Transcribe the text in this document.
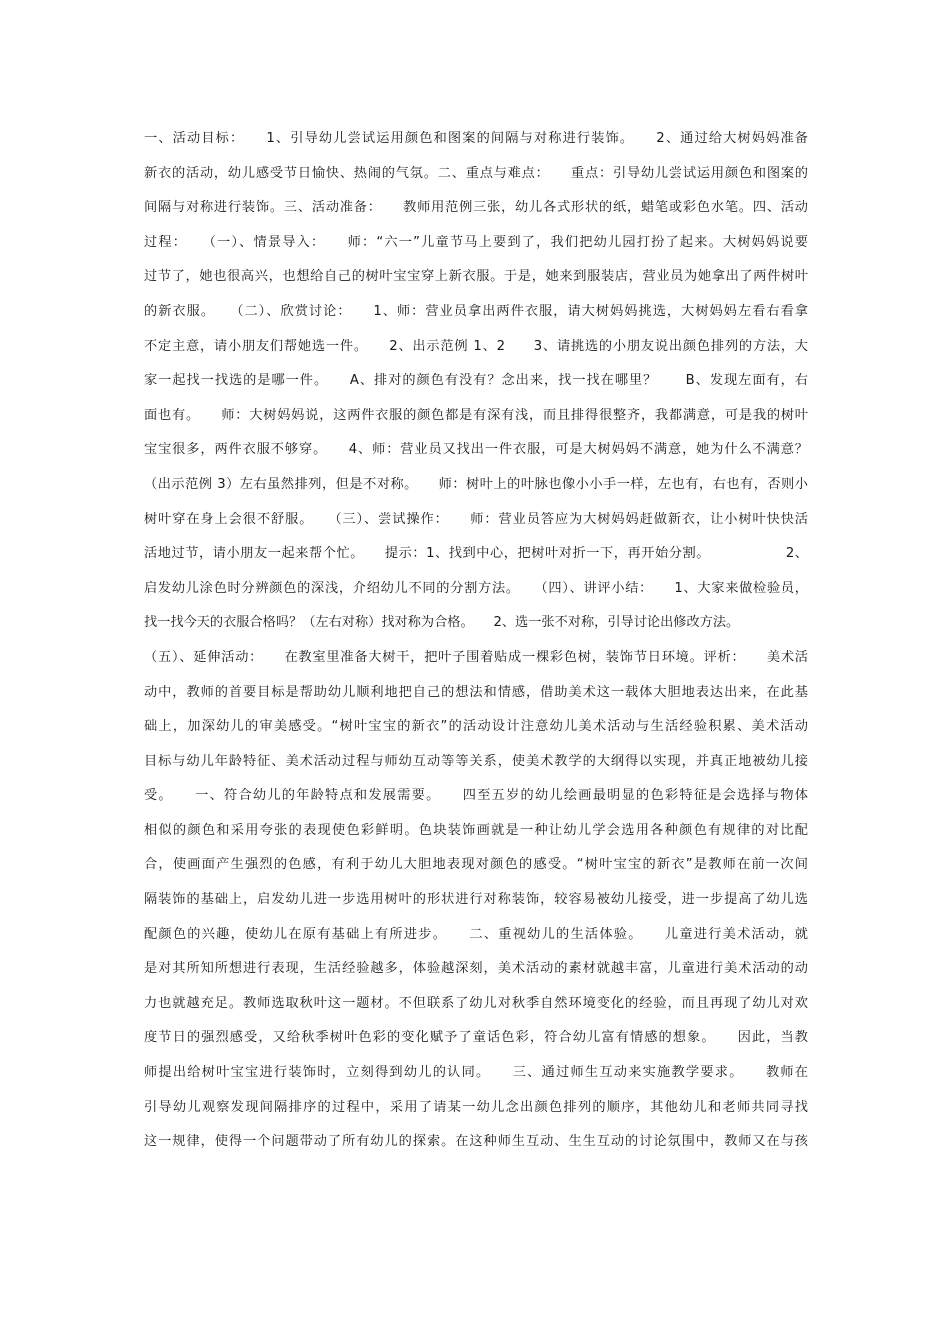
一、活动目标：　　1、引导幼儿尝试运用颜色和图案的间隔与对称进行装饰。　　2、通过给大树妈妈准备
新衣的活动，幼儿感受节日愉快、热闹的气氛。二、重点与难点：　　重点：引导幼儿尝试运用颜色和图案的
间隔与对称进行装饰。三、活动准备：　　教师用范例三张，幼儿各式形状的纸，蜡笔或彩色水笔。四、活动
过程：　　（一）、情景导入：　　师：“六一”儿童节马上要到了，我们把幼儿园打扮了起来。大树妈妈说要
过节了，她也很高兴，也想给自己的树叶宝宝穿上新衣服。于是，她来到服装店，营业员为她拿出了两件树叶
的新衣服。　　（二）、欣赏讨论：　　1、师：营业员拿出两件衣服，请大树妈妈挑选，大树妈妈左看右看拿
不定主意，请小朋友们帮她选一件。　　2、出示范例 1、2　　3、请挑选的小朋友说出颜色排列的方法，大
家一起找一找选的是哪一件。　　A、排对的颜色有没有？念出来，找一找在哪里？　　B、发现左面有，右
面也有。　　师：大树妈妈说，这两件衣服的颜色都是有深有浅，而且排得很整齐，我都满意，可是我的树叶
宝宝很多，两件衣服不够穿。　　4、师：营业员又找出一件衣服，可是大树妈妈不满意，她为什么不满意？
（出示范例 3）左右虽然排列，但是不对称。　　师：树叶上的叶脉也像小小手一样，左也有，右也有，否则小
树叶穿在身上会很不舒服。　　（三）、尝试操作：　　师：营业员答应为大树妈妈赶做新衣，让小树叶快快活
活地过节，请小朋友一起来帮个忙。　　提示：1、找到中心，把树叶对折一下，再开始分割。　　　　　　2、
启发幼儿涂色时分辨颜色的深浅，介绍幼儿不同的分割方法。　　（四）、讲评小结：　　1、大家来做检验员，
找一找今天的衣服合格吗？（左右对称）找对称为合格。　　2、选一张不对称，引导讨论出修改方法。
（五）、延伸活动：　　在教室里准备大树干，把叶子围着贴成一棵彩色树，装饰节日环境。评析：　　美术活
动中，教师的首要目标是帮助幼儿顺利地把自己的想法和情感，借助美术这一载体大胆地表达出来，在此基
础上，加深幼儿的审美感受。“树叶宝宝的新衣”的活动设计注意幼儿美术活动与生活经验积累、美术活动
目标与幼儿年龄特征、美术活动过程与师幼互动等等关系，使美术教学的大纲得以实现，并真正地被幼儿接
受。　　一、符合幼儿的年龄特点和发展需要。　　四至五岁的幼儿绘画最明显的色彩特征是会选择与物体
相似的颜色和采用夸张的表现使色彩鲜明。色块装饰画就是一种让幼儿学会选用各种颜色有规律的对比配
合，使画面产生强烈的色感，有利于幼儿大胆地表现对颜色的感受。“树叶宝宝的新衣”是教师在前一次间
隔装饰的基础上，启发幼儿进一步选用树叶的形状进行对称装饰，较容易被幼儿接受，进一步提高了幼儿选
配颜色的兴趣，使幼儿在原有基础上有所进步。　　二、重视幼儿的生活体验。　　儿童进行美术活动，就
是对其所知所想进行表现，生活经验越多，体验越深刻，美术活动的素材就越丰富，儿童进行美术活动的动
力也就越充足。教师选取秋叶这一题材。不但联系了幼儿对秋季自然环境变化的经验，而且再现了幼儿对欢
度节日的强烈感受，又给秋季树叶色彩的变化赋予了童话色彩，符合幼儿富有情感的想象。　　因此，当教
师提出给树叶宝宝进行装饰时，立刻得到幼儿的认同。　　三、通过师生互动来实施教学要求。　　教师在
引导幼儿观察发现间隔排序的过程中，采用了请某一幼儿念出颜色排列的顺序，其他幼儿和老师共同寻找
这一规律，使得一个问题带动了所有幼儿的探索。在这种师生互动、生生互动的讨论氛围中，教师又在与孩
